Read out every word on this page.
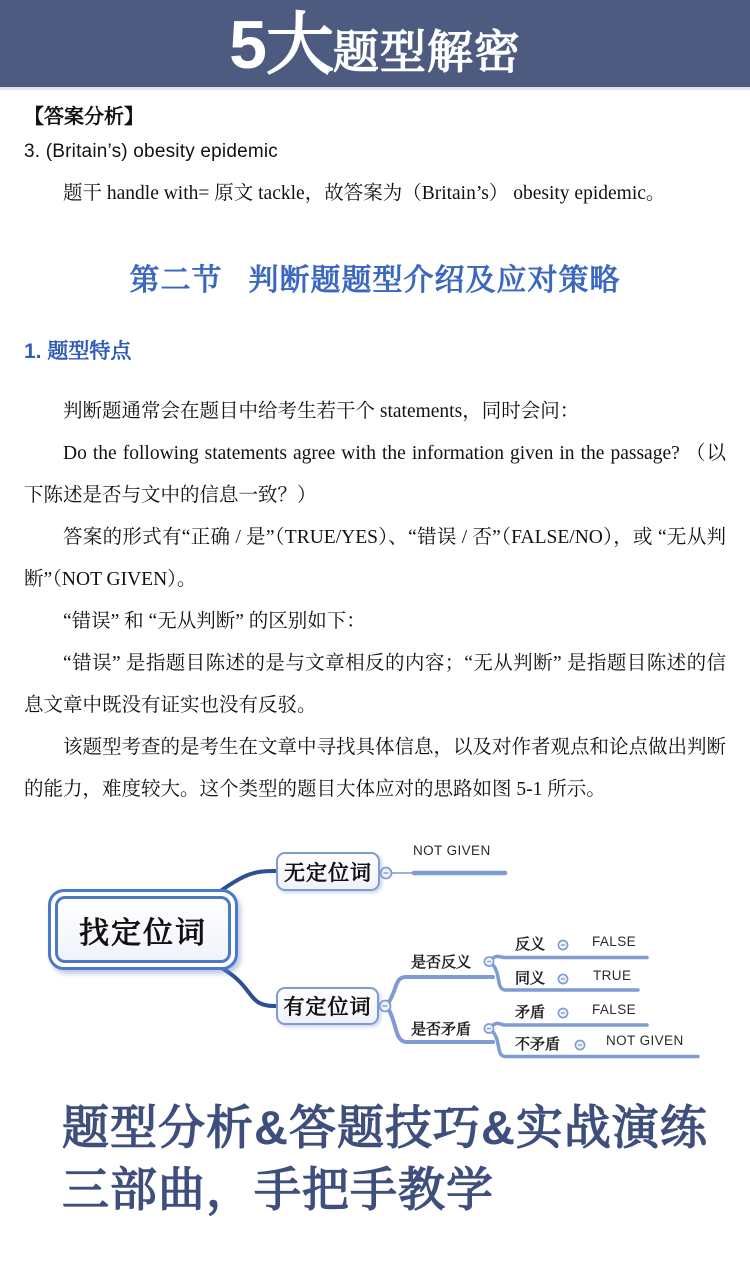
5大 题型解密
【答案分析】
3. (Britain’s) obesity epidemic
题干 handle with= 原文 tackle，故答案为（Britain’s） obesity epidemic。
第二节 判断题题型介绍及应对策略
1. 题型特点

判断题通常会在题目中给考生若干个 statements，同时会问：

Do the following statements agree with the information given in the passage? （以下陈述是否与文中的信息一致？）

答案的形式有“正确 / 是”（TRUE/YES）、“错误 / 否”（FALSE/NO），或 “无从判断”（NOT GIVEN）。

“错误” 和 “无从判断” 的区别如下：

“错误” 是指题目陈述的是与文章相反的内容；“无从判断” 是指题目陈述的信息文章中既没有证实也没有反驳。

该题型考查的是考生在文章中寻找具体信息，以及对作者观点和论点做出判断的能力，难度较大。这个类型的题目大体应对的思路如图 5-1 所示。

找定位词
无定位词
有定位词
NOT GIVEN
是否反义
反义	FALSE
同义	TRUE
矛盾	FALSE
是否矛盾
不矛盾	NOT GIVEN
题型分析&答题技巧&实战演练
三部曲，手把手教学
